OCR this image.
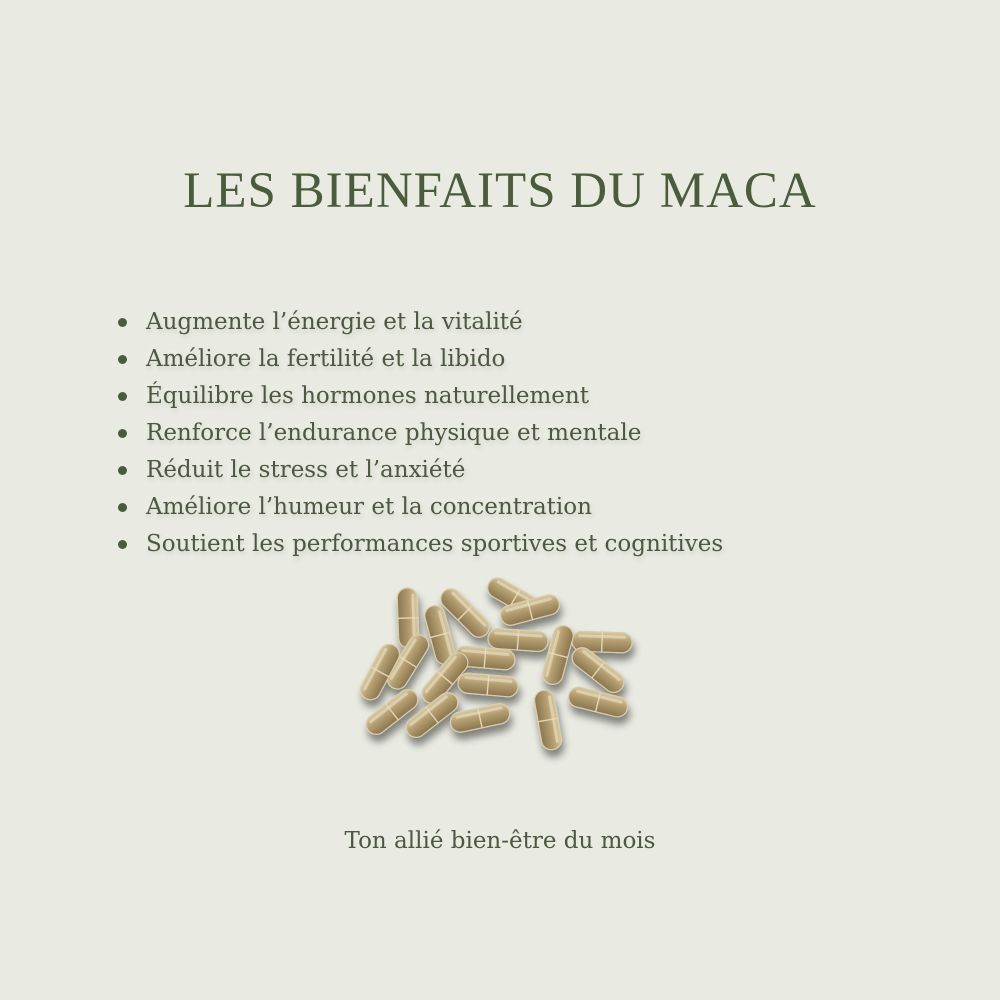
LES BIENFAITS DU MACA
Augmente l’énergie et la vitalité
Améliore la fertilité et la libido
Équilibre les hormones naturellement
Renforce l’endurance physique et mentale
Réduit le stress et l’anxiété
Améliore l’humeur et la concentration
Soutient les performances sportives et cognitives
Ton allié bien-être du mois
